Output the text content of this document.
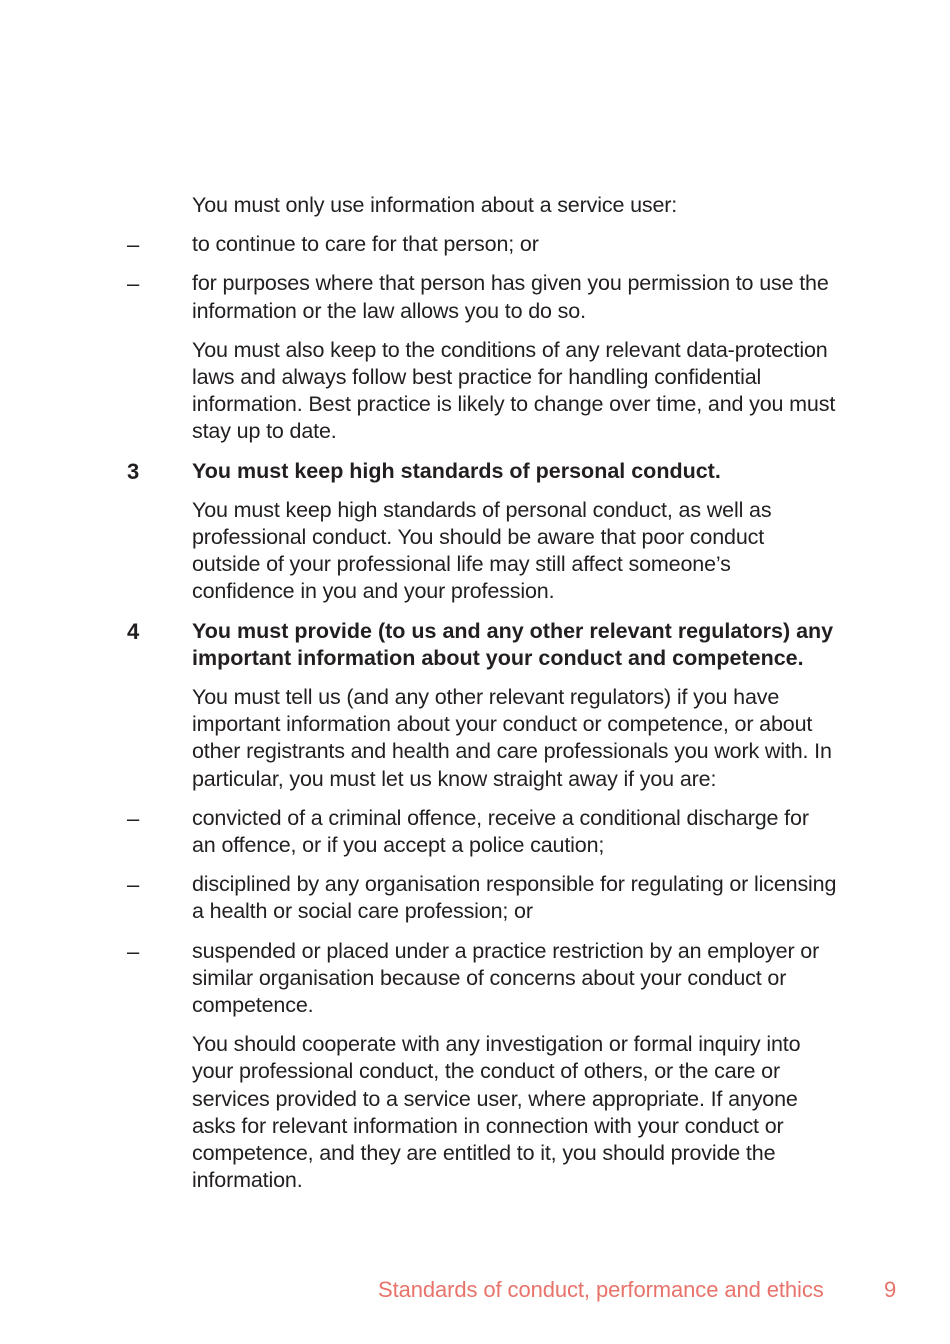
You must only use information about a service user:
– to continue to care for that person; or
– for purposes where that person has given you permission to use the information or the law allows you to do so.
You must also keep to the conditions of any relevant data-protection laws and always follow best practice for handling confidential information. Best practice is likely to change over time, and you must stay up to date.
3 You must keep high standards of personal conduct.
You must keep high standards of personal conduct, as well as professional conduct. You should be aware that poor conduct outside of your professional life may still affect someone’s confidence in you and your profession.
4 You must provide (to us and any other relevant regulators) any important information about your conduct and competence.
You must tell us (and any other relevant regulators) if you have important information about your conduct or competence, or about other registrants and health and care professionals you work with. In particular, you must let us know straight away if you are:
– convicted of a criminal offence, receive a conditional discharge for an offence, or if you accept a police caution;
– disciplined by any organisation responsible for regulating or licensing a health or social care profession; or
– suspended or placed under a practice restriction by an employer or similar organisation because of concerns about your conduct or competence.
You should cooperate with any investigation or formal inquiry into your professional conduct, the conduct of others, or the care or services provided to a service user, where appropriate. If anyone asks for relevant information in connection with your conduct or competence, and they are entitled to it, you should provide the information.
Standards of conduct, performance and ethics	9
